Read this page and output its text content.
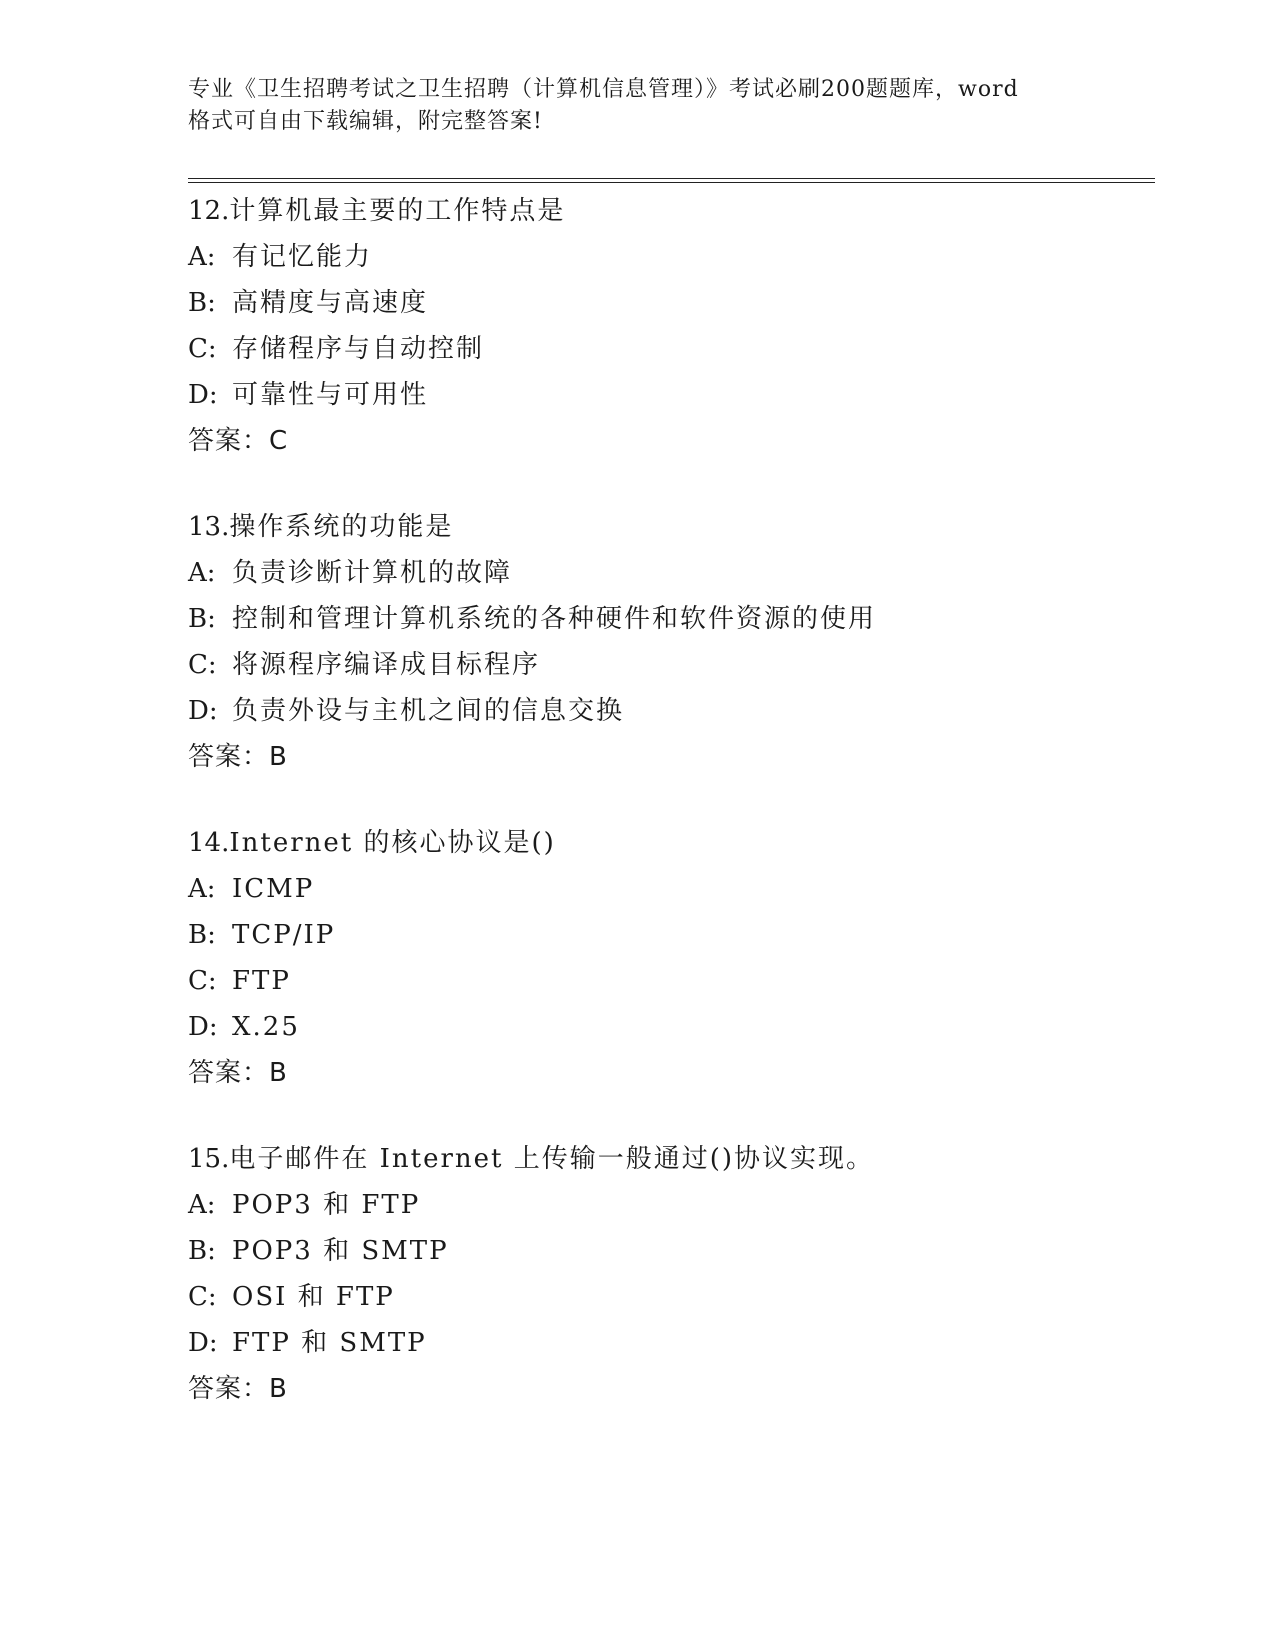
专业《卫生招聘考试之卫生招聘（计算机信息管理）》考试必刷200题题库，word
格式可自由下载编辑，附完整答案!
12.计算机最主要的工作特点是
A: 有记忆能力
B: 高精度与高速度
C: 存储程序与自动控制
D: 可靠性与可用性
答案：C
13.操作系统的功能是
A: 负责诊断计算机的故障
B: 控制和管理计算机系统的各种硬件和软件资源的使用
C: 将源程序编译成目标程序
D: 负责外设与主机之间的信息交换
答案：B
14.Internet 的核心协议是()
A: ICMP
B: TCP/IP
C: FTP
D: X.25
答案：B
15.电子邮件在 Internet 上传输一般通过()协议实现。
A: POP3 和 FTP
B: POP3 和 SMTP
C: OSI 和 FTP
D: FTP 和 SMTP
答案：B
